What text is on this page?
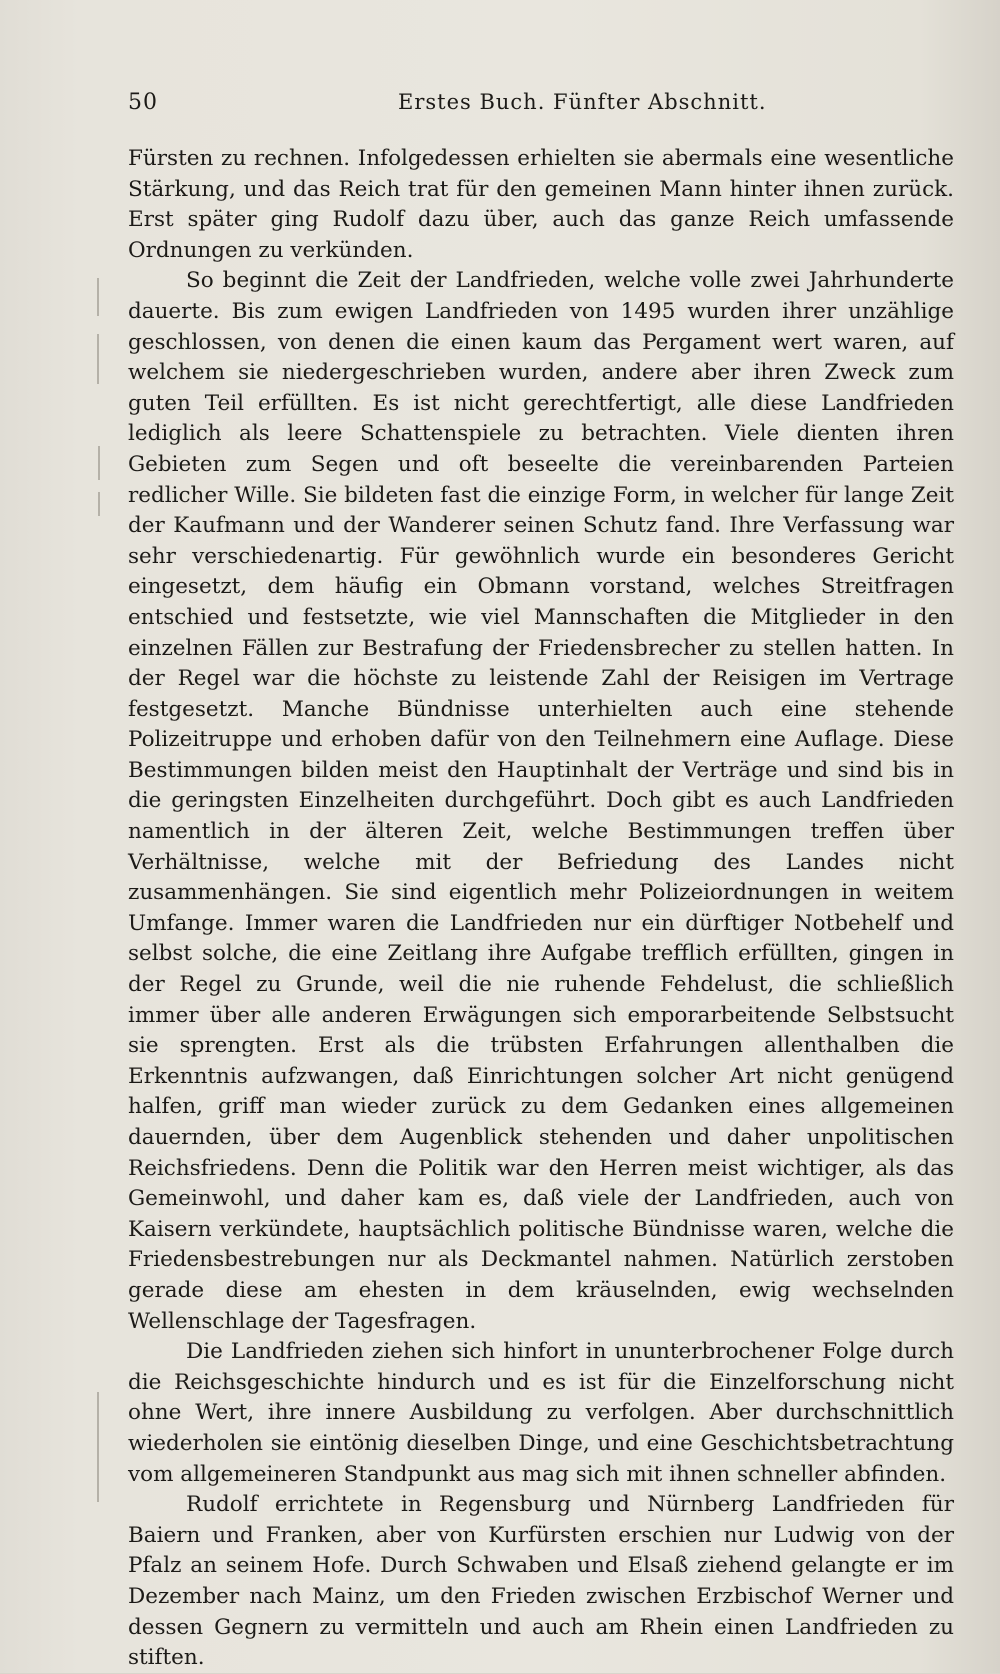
50	Erstes Buch. Fünfter Abschnitt.

Fürsten zu rechnen. Infolgedessen erhielten sie abermals eine wesentliche Stärkung, und das Reich trat für den gemeinen Mann hinter ihnen zurück. Erst später ging Rudolf dazu über, auch das ganze Reich umfassende Ordnungen zu verkünden.

So beginnt die Zeit der Landfrieden, welche volle zwei Jahrhunderte dauerte. Bis zum ewigen Landfrieden von 1495 wurden ihrer unzählige geschlossen, von denen die einen kaum das Pergament wert waren, auf welchem sie niedergeschrieben wurden, andere aber ihren Zweck zum guten Teil erfüllten. Es ist nicht gerechtfertigt, alle diese Landfrieden lediglich als leere Schattenspiele zu betrachten. Viele dienten ihren Gebieten zum Segen und oft beseelte die vereinbarenden Parteien redlicher Wille. Sie bildeten fast die einzige Form, in welcher für lange Zeit der Kaufmann und der Wanderer seinen Schutz fand. Ihre Verfassung war sehr verschiedenartig. Für gewöhnlich wurde ein besonderes Gericht eingesetzt, dem häufig ein Obmann vorstand, welches Streitfragen entschied und festsetzte, wie viel Mannschaften die Mitglieder in den einzelnen Fällen zur Bestrafung der Friedensbrecher zu stellen hatten. In der Regel war die höchste zu leistende Zahl der Reisigen im Vertrage festgesetzt. Manche Bündnisse unterhielten auch eine stehende Polizeitruppe und erhoben dafür von den Teilnehmern eine Auflage. Diese Bestimmungen bilden meist den Hauptinhalt der Verträge und sind bis in die geringsten Einzelheiten durchgeführt. Doch gibt es auch Landfrieden namentlich in der älteren Zeit, welche Bestimmungen treffen über Verhältnisse, welche mit der Befriedung des Landes nicht zusammenhängen. Sie sind eigentlich mehr Polizeiordnungen in weitem Umfange. Immer waren die Landfrieden nur ein dürftiger Notbehelf und selbst solche, die eine Zeitlang ihre Aufgabe trefflich erfüllten, gingen in der Regel zu Grunde, weil die nie ruhende Fehdelust, die schließlich immer über alle anderen Erwägungen sich emporarbeitende Selbstsucht sie sprengten. Erst als die trübsten Erfahrungen allenthalben die Erkenntnis aufzwangen, daß Einrichtungen solcher Art nicht genügend halfen, griff man wieder zurück zu dem Gedanken eines allgemeinen dauernden, über dem Augenblick stehenden und daher unpolitischen Reichsfriedens. Denn die Politik war den Herren meist wichtiger, als das Gemeinwohl, und daher kam es, daß viele der Landfrieden, auch von Kaisern verkündete, hauptsächlich politische Bündnisse waren, welche die Friedensbestrebungen nur als Deckmantel nahmen. Natürlich zerstoben gerade diese am ehesten in dem kräuselnden, ewig wechselnden Wellenschlage der Tagesfragen.

Die Landfrieden ziehen sich hinfort in ununterbrochener Folge durch die Reichsgeschichte hindurch und es ist für die Einzelforschung nicht ohne Wert, ihre innere Ausbildung zu verfolgen. Aber durchschnittlich wiederholen sie eintönig dieselben Dinge, und eine Geschichtsbetrachtung vom allgemeineren Standpunkt aus mag sich mit ihnen schneller abfinden.

Rudolf errichtete in Regensburg und Nürnberg Landfrieden für Baiern und Franken, aber von Kurfürsten erschien nur Ludwig von der Pfalz an seinem Hofe. Durch Schwaben und Elsaß ziehend gelangte er im Dezember nach Mainz, um den Frieden zwischen Erzbischof Werner und dessen Gegnern zu vermitteln und auch am Rhein einen Landfrieden zu stiften.
